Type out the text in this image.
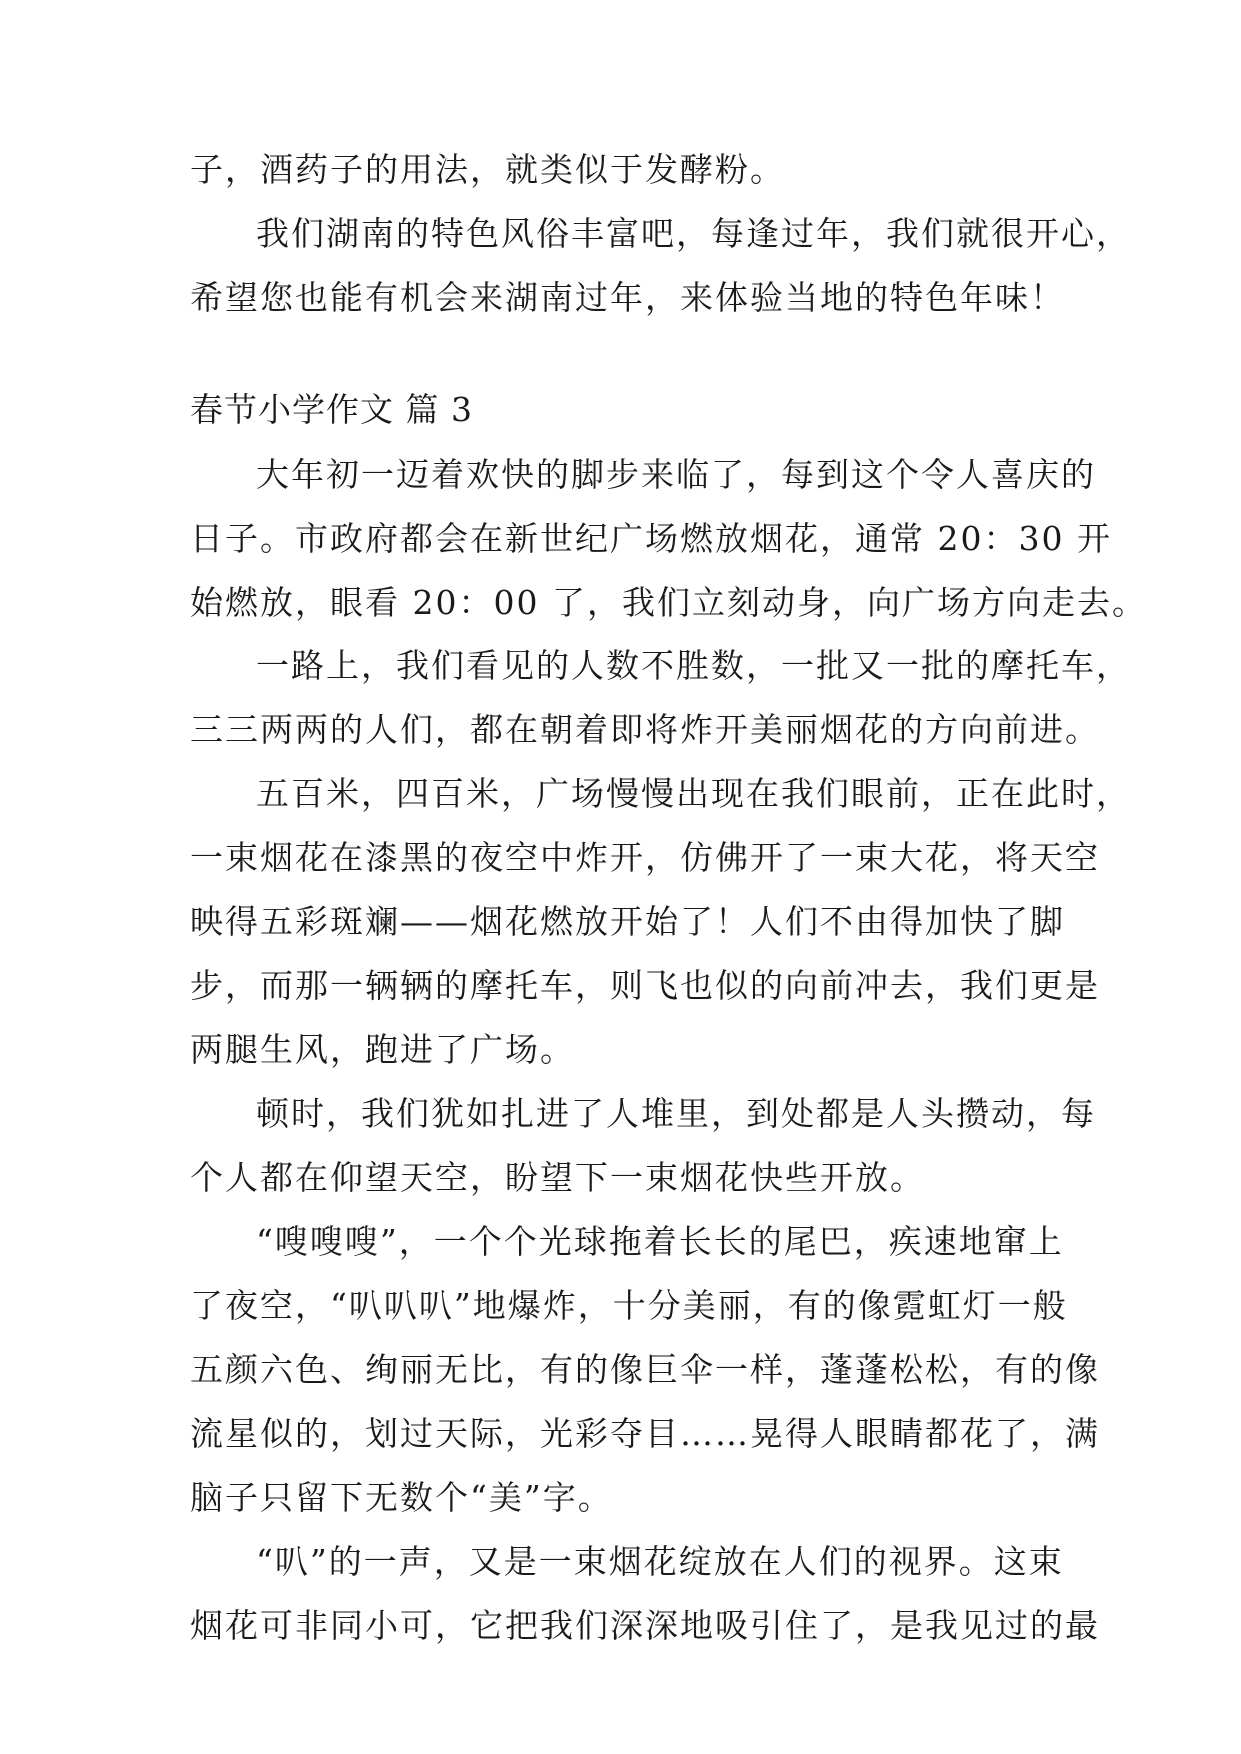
子，酒药子的用法，就类似于发酵粉。
我们湖南的特色风俗丰富吧，每逢过年，我们就很开心，
希望您也能有机会来湖南过年，来体验当地的特色年味！
春节小学作文 篇 3
大年初一迈着欢快的脚步来临了，每到这个令人喜庆的
日子。市政府都会在新世纪广场燃放烟花，通常 20：30 开
始燃放，眼看 20：00 了，我们立刻动身，向广场方向走去。
一路上，我们看见的人数不胜数，一批又一批的摩托车，
三三两两的人们，都在朝着即将炸开美丽烟花的方向前进。
五百米，四百米，广场慢慢出现在我们眼前，正在此时，
一束烟花在漆黑的夜空中炸开，仿佛开了一束大花，将天空
映得五彩斑斓——烟花燃放开始了！人们不由得加快了脚
步，而那一辆辆的摩托车，则飞也似的向前冲去，我们更是
两腿生风，跑进了广场。
顿时，我们犹如扎进了人堆里，到处都是人头攒动，每
个人都在仰望天空，盼望下一束烟花快些开放。
“嗖嗖嗖”，一个个光球拖着长长的尾巴，疾速地窜上
了夜空，“叭叭叭”地爆炸，十分美丽，有的像霓虹灯一般
五颜六色、绚丽无比，有的像巨伞一样，蓬蓬松松，有的像
流星似的，划过天际，光彩夺目……晃得人眼睛都花了，满
脑子只留下无数个“美”字。
“叭”的一声，又是一束烟花绽放在人们的视界。这束
烟花可非同小可，它把我们深深地吸引住了，是我见过的最
